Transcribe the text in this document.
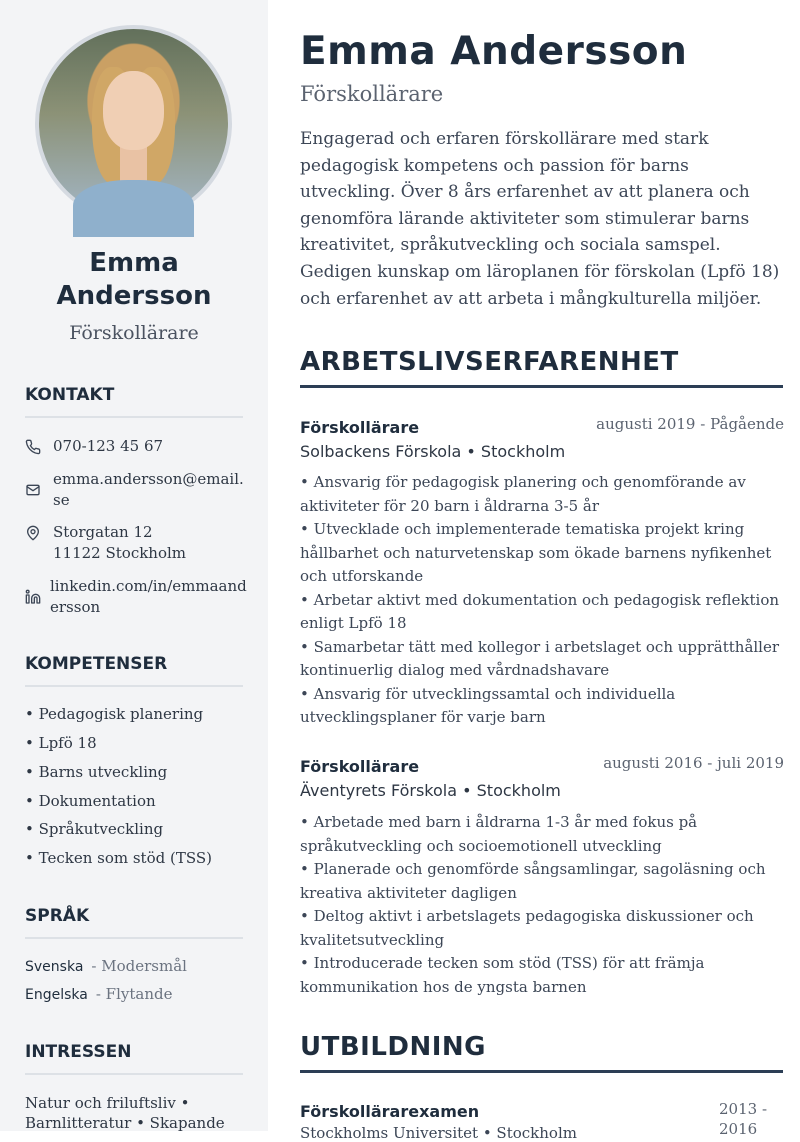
Emma
Andersson
Förskollärare
KONTAKT
070-123 45 67
emma.andersson@email.
se
Storgatan 12
11122 Stockholm
linkedin.com/in/emmaand
ersson
KOMPETENSER
• Pedagogisk planering
• Lpfö 18
• Barns utveckling
• Dokumentation
• Språkutveckling
• Tecken som stöd (TSS)
SPRÅK
Svenska - Modersmål
Engelska - Flytande
INTRESSEN
Natur och friluftsliv •
Barnlitteratur • Skapande
Emma Andersson
Förskollärare
Engagerad och erfaren förskollärare med stark pedagogisk kompetens och passion för barns utveckling. Över 8 års erfarenhet av att planera och genomföra lärande aktiviteter som stimulerar barns kreativitet, språkutveckling och sociala samspel. Gedigen kunskap om läroplanen för förskolan (Lpfö 18) och erfarenhet av att arbeta i mångkulturella miljöer.
ARBETSLIVSERFARENHET
Förskollärare	augusti 2019 - Pågående
Solbackens Förskola • Stockholm
• Ansvarig för pedagogisk planering och genomförande av aktiviteter för 20 barn i åldrarna 3-5 år
• Utvecklade och implementerade tematiska projekt kring hållbarhet och naturvetenskap som ökade barnens nyfikenhet och utforskande
• Arbetar aktivt med dokumentation och pedagogisk reflektion enligt Lpfö 18
• Samarbetar tätt med kollegor i arbetslaget och upprätthåller kontinuerlig dialog med vårdnadshavare
• Ansvarig för utvecklingssamtal och individuella utvecklingsplaner för varje barn
Förskollärare	augusti 2016 - juli 2019
Äventyrets Förskola • Stockholm
• Arbetade med barn i åldrarna 1-3 år med fokus på språkutveckling och socioemotionell utveckling
• Planerade och genomförde sångsamlingar, sagoläsning och kreativa aktiviteter dagligen
• Deltog aktivt i arbetslagets pedagogiska diskussioner och kvalitetsutveckling
• Introducerade tecken som stöd (TSS) för att främja kommunikation hos de yngsta barnen
UTBILDNING
Förskollärarexamen	2013 -
2016
Stockholms Universitet • Stockholm
